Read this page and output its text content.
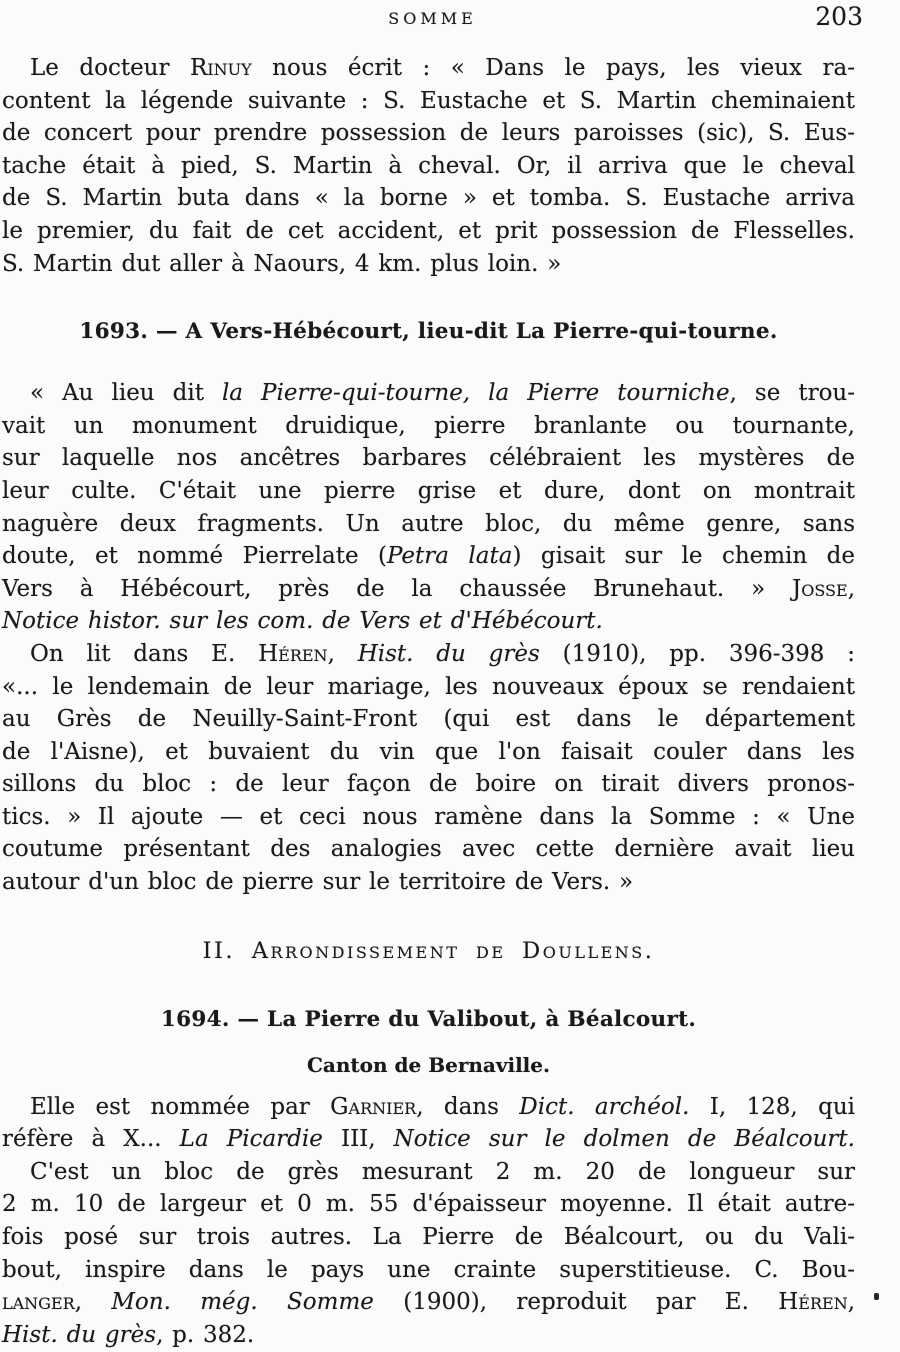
SOMME	203
Le docteur Rinuy nous écrit : « Dans le pays, les vieux ra-
content la légende suivante : S. Eustache et S. Martin cheminaient
de concert pour prendre possession de leurs paroisses (sic), S. Eus-
tache était à pied, S. Martin à cheval. Or, il arriva que le cheval
de S. Martin buta dans « la borne » et tomba. S. Eustache arriva
le premier, du fait de cet accident, et prit possession de Flesselles.
S. Martin dut aller à Naours, 4 km. plus loin. »
1693. — A Vers-Hébécourt, lieu-dit La Pierre-qui-tourne.
« Au lieu dit la Pierre-qui-tourne, la Pierre tourniche, se trou-
vait un monument druidique, pierre branlante ou tournante,
sur laquelle nos ancêtres barbares célébraient les mystères de
leur culte. C'était une pierre grise et dure, dont on montrait
naguère deux fragments. Un autre bloc, du même genre, sans
doute, et nommé Pierrelate (Petra lata) gisait sur le chemin de
Vers à Hébécourt, près de la chaussée Brunehaut. » Josse,
Notice histor. sur les com. de Vers et d'Hébécourt.
On lit dans E. Héren, Hist. du grès (1910), pp. 396-398 :
«... le lendemain de leur mariage, les nouveaux époux se rendaient
au Grès de Neuilly-Saint-Front (qui est dans le département
de l'Aisne), et buvaient du vin que l'on faisait couler dans les
sillons du bloc : de leur façon de boire on tirait divers pronos-
tics. » Il ajoute — et ceci nous ramène dans la Somme : « Une
coutume présentant des analogies avec cette dernière avait lieu
autour d'un bloc de pierre sur le territoire de Vers. »
II. Arrondissement de Doullens.
1694. — La Pierre du Valibout, à Béalcourt.
Canton de Bernaville.
Elle est nommée par Garnier, dans Dict. archéol. I, 128, qui
réfère à X... La Picardie III, Notice sur le dolmen de Béalcourt.
C'est un bloc de grès mesurant 2 m. 20 de longueur sur
2 m. 10 de largeur et 0 m. 55 d'épaisseur moyenne. Il était autre-
fois posé sur trois autres. La Pierre de Béalcourt, ou du Vali-
bout, inspire dans le pays une crainte superstitieuse. C. Bou-
langer, Mon. még. Somme (1900), reproduit par E. Héren,
Hist. du grès, p. 382.
